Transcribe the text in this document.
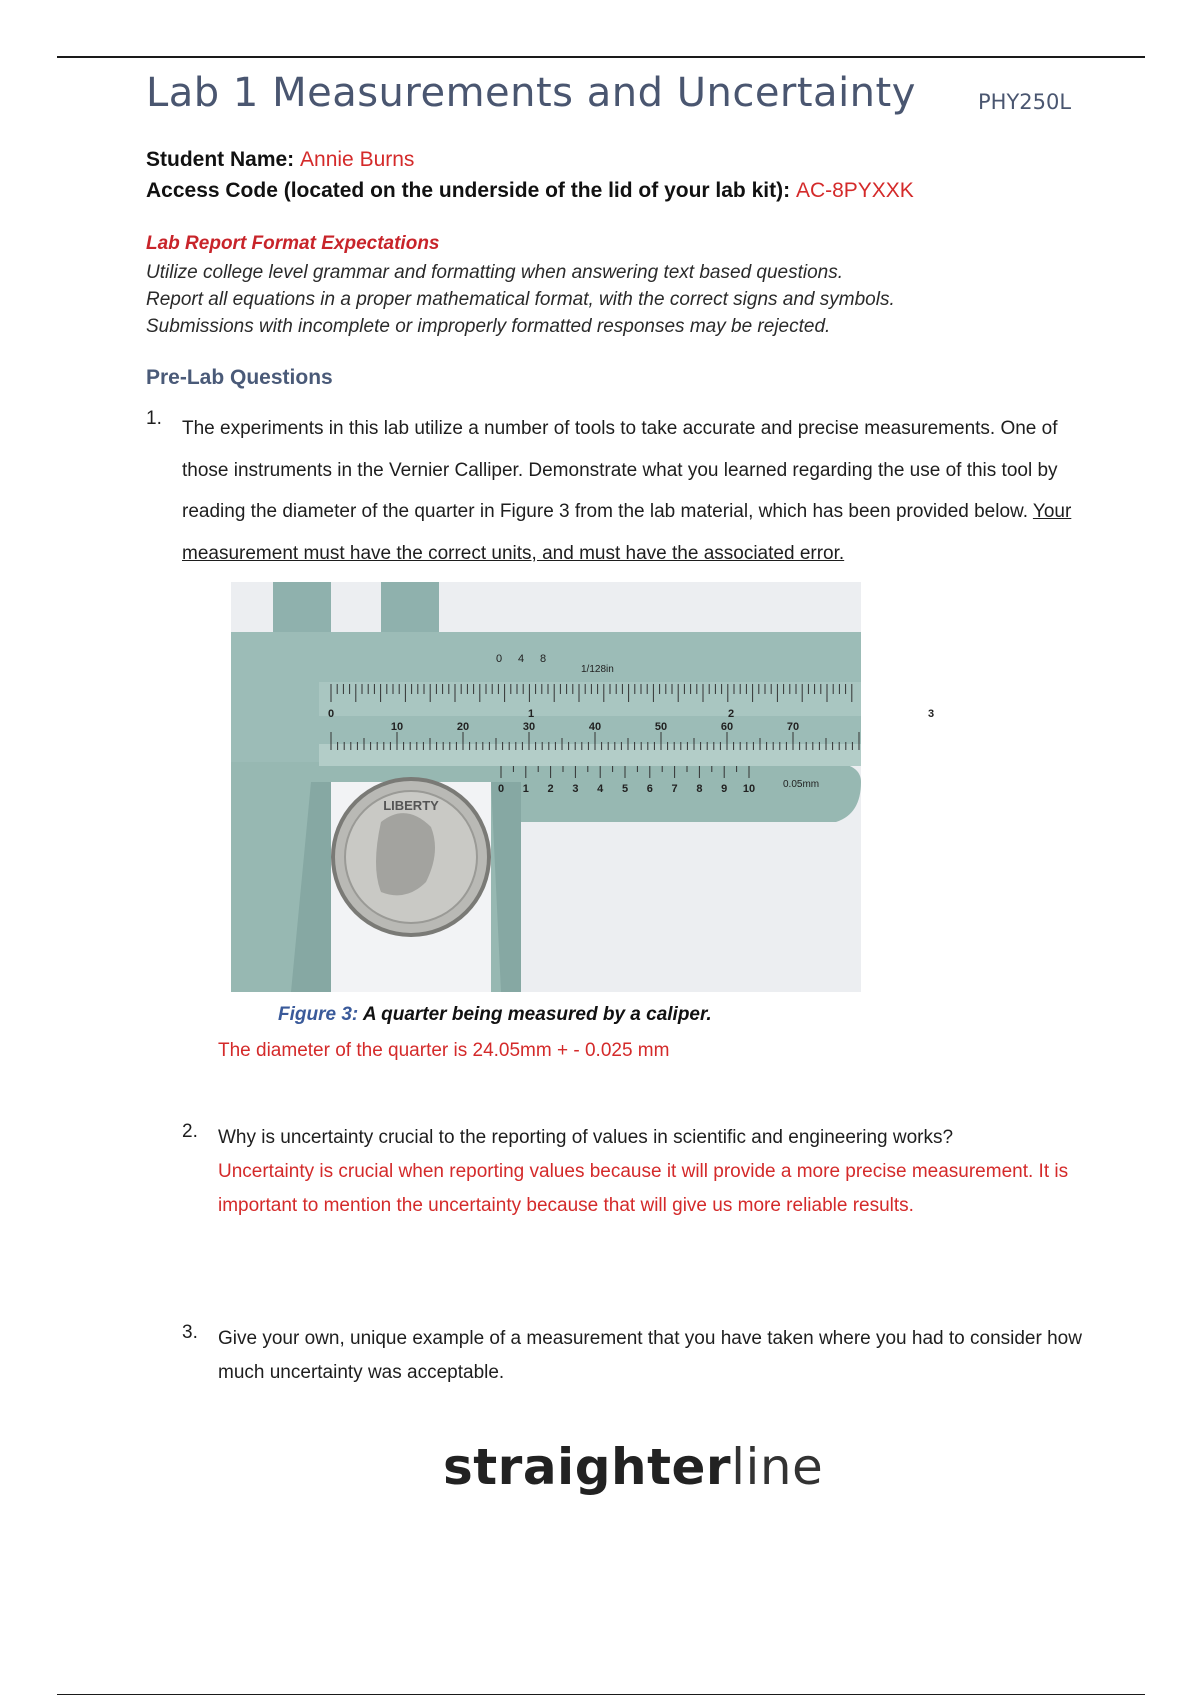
Lab 1 Measurements and Uncertainty	PHY250L
Student Name: Annie Burns
Access Code (located on the underside of the lid of your lab kit): AC-8PYXXK
Lab Report Format Expectations
Utilize college level grammar and formatting when answering text based questions.
Report all equations in a proper mathematical format, with the correct signs and symbols.
Submissions with incomplete or improperly formatted responses may be rejected.
Pre-Lab Questions
1. The experiments in this lab utilize a number of tools to take accurate and precise measurements. One of those instruments in the Vernier Calliper. Demonstrate what you learned regarding the use of this tool by reading the diameter of the quarter in Figure 3 from the lab material, which has been provided below. Your measurement must have the correct units, and must have the associated error.
LIBERTY
0 4 8
1/128in
10	20	30	40	50	60	70
0	1	2	3
0 1 2 3 4 5 6 7 8 9 10	0.05mm
Figure 3: A quarter being measured by a caliper.
The diameter of the quarter is 24.05mm + - 0.025 mm
2. Why is uncertainty crucial to the reporting of values in scientific and engineering works?
Uncertainty is crucial when reporting values because it will provide a more precise measurement. It is important to mention the uncertainty because that will give us more reliable results.
3. Give your own, unique example of a measurement that you have taken where you had to consider how much uncertainty was acceptable.
straighterline
